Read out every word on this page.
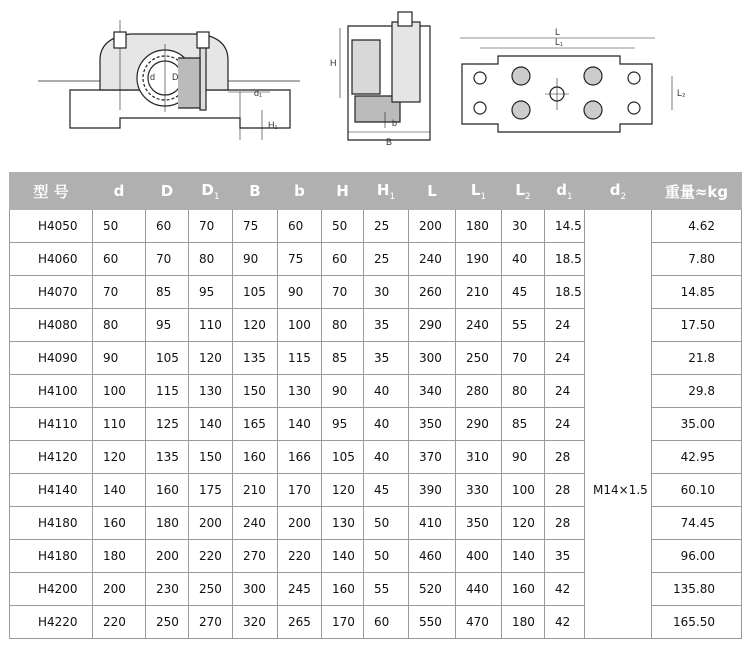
d D
d₁
H₁
H
b
B
L
L₁
L₂
型 号	d	D	$D_1$	B	b	H	$H_1$	L	$L_1$	$L_2$	$d_1$	$d_2$	重量≈kg
H4050	50	60	70	75	60	50	25	200	180	30	14.5		4.62
H4060	60	70	80	90	75	60	25	240	190	40	18.5		7.80
H4070	70	85	95	105	90	70	30	260	210	45	18.5		14.85
H4080	80	95	110	120	100	80	35	290	240	55	24		17.50
H4090	90	105	120	135	115	85	35	300	250	70	24		21.8
H4100	100	115	130	150	130	90	40	340	280	80	24		29.8
H4110	110	125	140	165	140	95	40	350	290	85	24		35.00
H4120	120	135	150	160	166	105	40	370	310	90	28		42.95
H4140	140	160	175	210	170	120	45	390	330	100	28	M14×1.5	60.10
H4180	160	180	200	240	200	130	50	410	350	120	28		74.45
H4180	180	200	220	270	220	140	50	460	400	140	35		96.00
H4200	200	230	250	300	245	160	55	520	440	160	42		135.80
H4220	220	250	270	320	265	170	60	550	470	180	42		165.50
